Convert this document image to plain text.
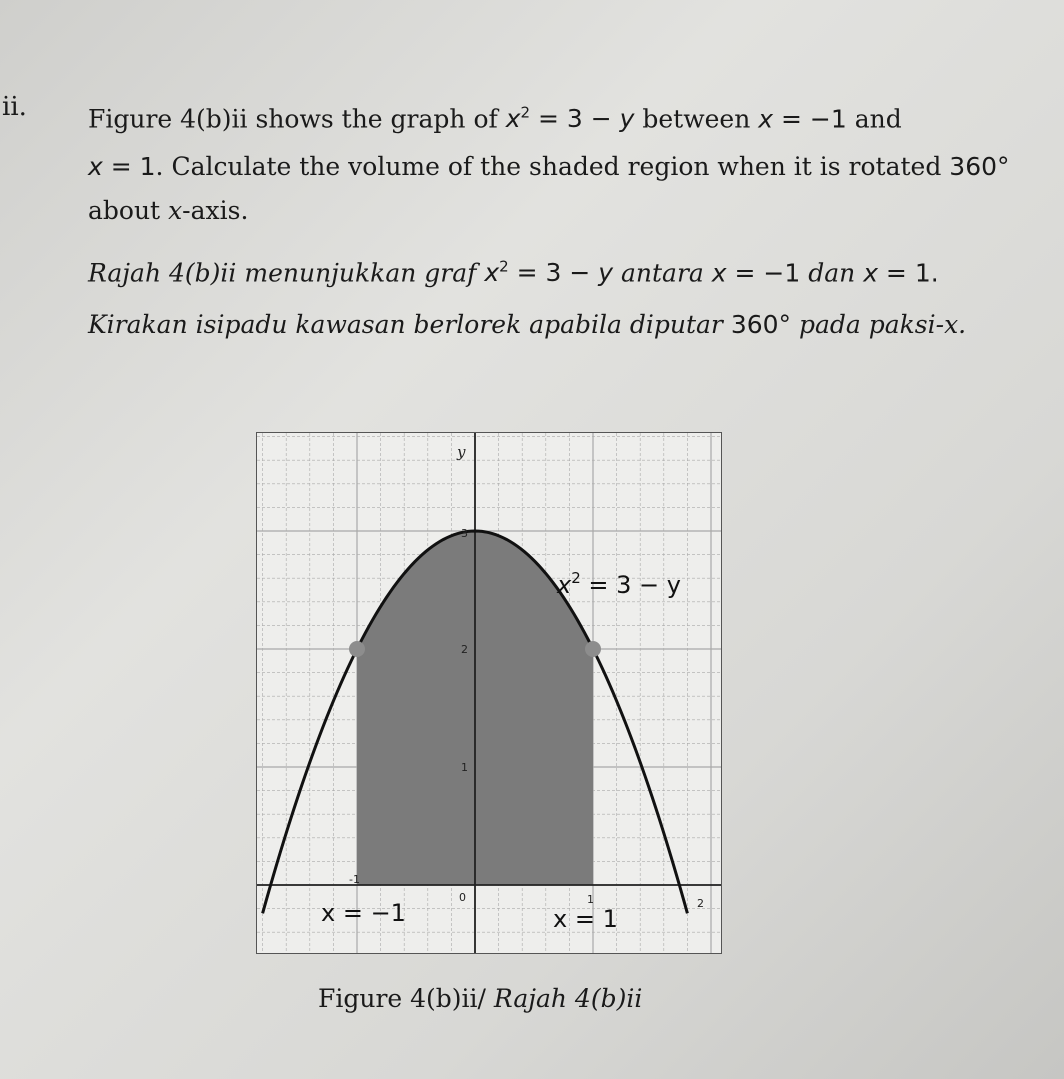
ii. Figure 4(b)ii shows the graph of $x^2 = 3 - y$ between x = −1 and
x = 1. Calculate the volume of the shaded region when it is rotated 360°
about x-axis.
Rajah 4(b)ii menunjukkan graf $x^2 = 3 - y$ antara x = −1 dan x = 1.
Kirakan isipadu kawasan berlorek apabila diputar 360° pada paksi-x.
y
3
2
1
-1
0	1	2
$x^2 = 3 - y$
x = −1	x = 1
Figure 4(b)ii/ Rajah 4(b)ii
